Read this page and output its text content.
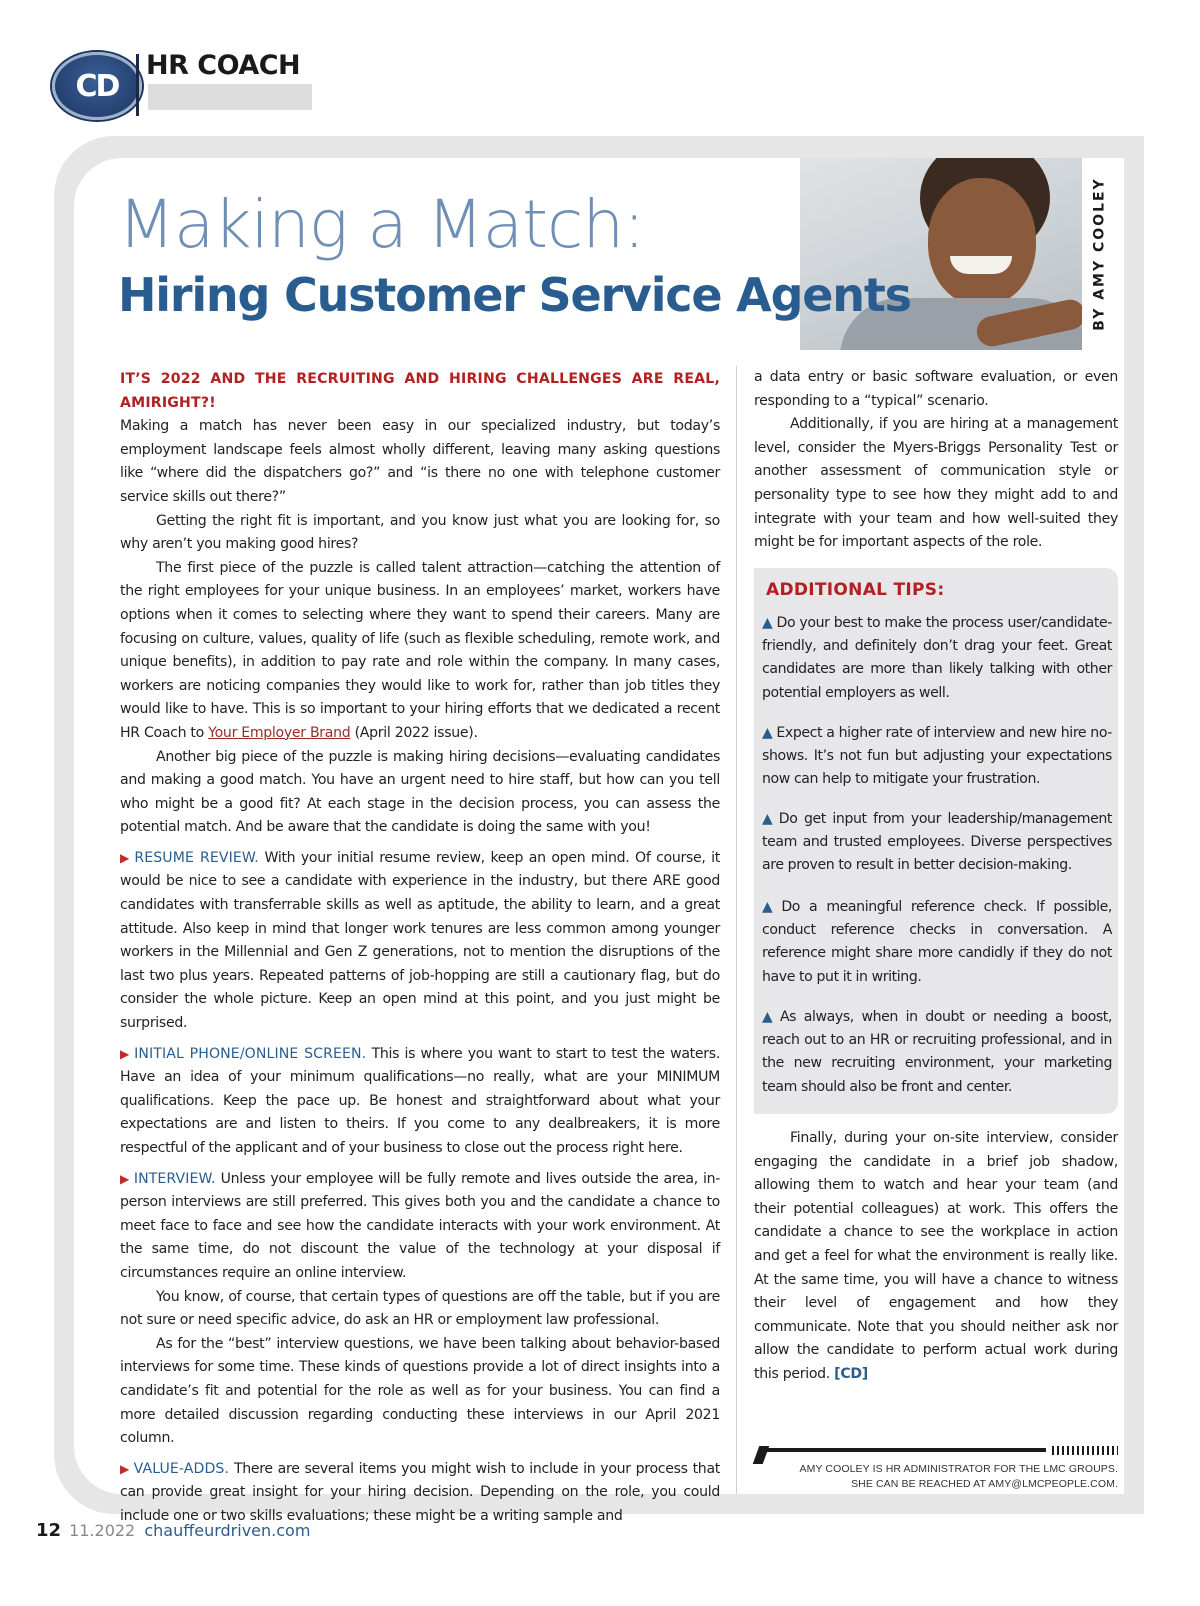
CD
HR COACH
BY AMY COOLEY
Making a Match:
Hiring Customer Service Agents

IT’S 2022 AND THE RECRUITING AND HIRING CHALLENGES ARE REAL, AMIRIGHT?!
Making a match has never been easy in our specialized industry, but today’s employment landscape feels almost wholly different, leaving many asking questions like “where did the dispatchers go?” and “is there no one with telephone customer service skills out there?”

Getting the right fit is important, and you know just what you are looking for, so why aren’t you making good hires?

The first piece of the puzzle is called talent attraction—catching the attention of the right employees for your unique business. In an employees’ market, workers have options when it comes to selecting where they want to spend their careers. Many are focusing on culture, values, quality of life (such as flexible scheduling, remote work, and unique benefits), in addition to pay rate and role within the company. In many cases, workers are noticing companies they would like to work for, rather than job titles they would like to have. This is so important to your hiring efforts that we dedicated a recent HR Coach to Your Employer Brand (April 2022 issue).

Another big piece of the puzzle is making hiring decisions—evaluating candidates and making a good match. You have an urgent need to hire staff, but how can you tell who might be a good fit? At each stage in the decision process, you can assess the potential match. And be aware that the candidate is doing the same with you!

▶ RESUME REVIEW. With your initial resume review, keep an open mind. Of course, it would be nice to see a candidate with experience in the industry, but there ARE good candidates with transferrable skills as well as aptitude, the ability to learn, and a great attitude. Also keep in mind that longer work tenures are less common among younger workers in the Millennial and Gen Z generations, not to mention the disruptions of the last two plus years. Repeated patterns of job-hopping are still a cautionary flag, but do consider the whole picture. Keep an open mind at this point, and you just might be surprised.

▶ INITIAL PHONE/ONLINE SCREEN. This is where you want to start to test the waters. Have an idea of your minimum qualifications—no really, what are your MINIMUM qualifications. Keep the pace up. Be honest and straightforward about what your expectations are and listen to theirs. If you come to any dealbreakers, it is more respectful of the applicant and of your business to close out the process right here.

▶ INTERVIEW. Unless your employee will be fully remote and lives outside the area, in-person interviews are still preferred. This gives both you and the candidate a chance to meet face to face and see how the candidate interacts with your work environment. At the same time, do not discount the value of the technology at your disposal if circumstances require an online interview.

You know, of course, that certain types of questions are off the table, but if you are not sure or need specific advice, do ask an HR or employment law professional.

As for the “best” interview questions, we have been talking about behavior-based interviews for some time. These kinds of questions provide a lot of direct insights into a candidate’s fit and potential for the role as well as for your business. You can find a more detailed discussion regarding conducting these interviews in our April 2021 column.

▶ VALUE-ADDS. There are several items you might wish to include in your process that can provide great insight for your hiring decision. Depending on the role, you could include one or two skills evaluations; these might be a writing sample and

a data entry or basic software evaluation, or even responding to a “typical” scenario.

Additionally, if you are hiring at a management level, consider the Myers-Briggs Personality Test or another assessment of communication style or personality type to see how they might add to and integrate with your team and how well-suited they might be for important aspects of the role.

ADDITIONAL TIPS:
▲ Do your best to make the process user/candidate-friendly, and definitely don’t drag your feet. Great candidates are more than likely talking with other potential employers as well.
▲ Expect a higher rate of interview and new hire no-shows. It’s not fun but adjusting your expectations now can help to mitigate your frustration.
▲ Do get input from your leadership/management team and trusted employees. Diverse perspectives are proven to result in better decision-making.
▲ Do a meaningful reference check. If possible, conduct reference checks in conversation. A reference might share more candidly if they do not have to put it in writing.
▲ As always, when in doubt or needing a boost, reach out to an HR or recruiting professional, and in the new recruiting environment, your marketing team should also be front and center.

Finally, during your on-site interview, consider engaging the candidate in a brief job shadow, allowing them to watch and hear your team (and their potential colleagues) at work. This offers the candidate a chance to see the workplace in action and get a feel for what the environment is really like. At the same time, you will have a chance to witness their level of engagement and how they communicate. Note that you should neither ask nor allow the candidate to perform actual work during this period. [CD]

AMY COOLEY IS HR ADMINISTRATOR FOR THE LMC GROUPS. SHE CAN BE REACHED AT AMY@LMCPEOPLE.COM.
12 11.2022 chauffeurdriven.com
